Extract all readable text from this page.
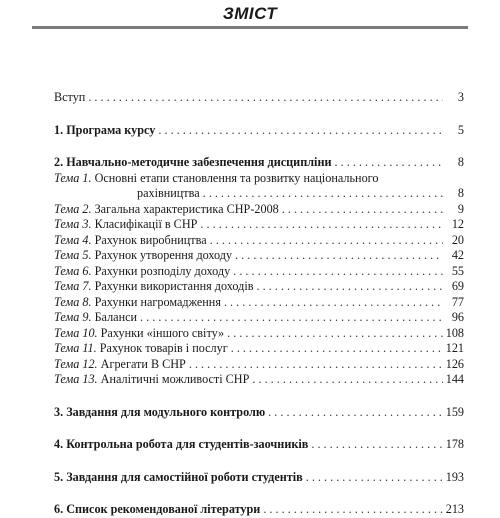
ЗМІСТ
Вступ . . .	3
1. Програма курсу . . .	5
2. Навчально-методичне забезпечення дисципліни . . .	8
Тема 1. Основні етапи становлення та розвитку національного
рахівництва . . .	8
Тема 2. Загальна характеристика СНР-2008 . . .	9
Тема 3. Класифікації в СНР . . .	12
Тема 4. Рахунок виробництва . . .	20
Тема 5. Рахунок утворення доходу . . .	42
Тема 6. Рахунки розподілу доходу . . .	55
Тема 7. Рахунки використання доходів . . .	69
Тема 8. Рахунки нагромадження . . .	77
Тема 9. Баланси . . .	96
Тема 10. Рахунки «іншого світу» . . .	108
Тема 11. Рахунок товарів і послуг . . .	121
Тема 12. Агрегати В СНР . . .	126
Тема 13. Аналітичні можливості СНР . . .	144
3. Завдання для модульного контролю . . .	159
4. Контрольна робота для студентів-заочників . . .	178
5. Завдання для самостійної роботи студентів . . .	193
6. Список рекомендованої літератури . . .	213
